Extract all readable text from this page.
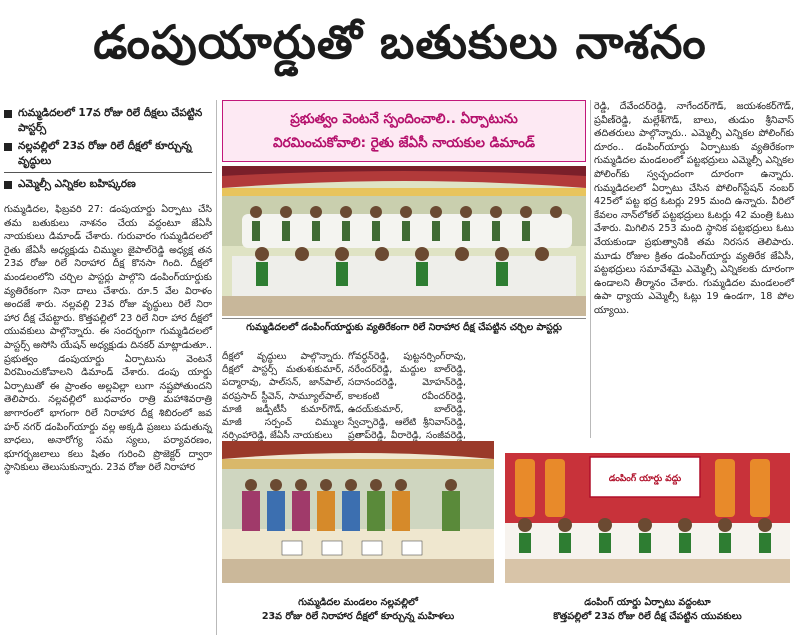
డంపుయార్డుతో బతుకులు నాశనం
గుమ్మడిదలలో 17వ రోజు రిలే దీక్షలు చేపట్టిన పాస్టర్స్
నల్లవల్లిలో 23వ రోజు రిలే దీక్షలో కూర్చున్న వృద్ధులు
ఎమ్మెల్సీ ఎన్నికల బహిష్కరణ
గుమ్మడిదల, ఫిబ్రవరి 27: డంపుయార్డు ఏర్పాటు చేసి తమ బతుకులు నాశనం చేయ వద్దంటూ జేఏసీ నాయకులు డిమాండ్ చేశారు. గురువారం గుమ్మడిదలలో రైతు జేఏసీ అధ్యక్షుడు చిమ్ముల జైపాల్‌రెడ్డి అధ్యక్ష తన 23వ రోజు రిలే నిరాహార దీక్ష కొనసా గింది. దీక్షలో మండలంలోని చర్చిల పాస్టర్లు పాల్గొని డంపింగ్‌యార్డుకు వ్యతిరేకంగా నినా దాలు చేశారు. రూ.5 వేల విరాళం అందజే శారు. నల్లవల్లి 23వ రోజు వృద్ధులు రిలే నిరా హార దీక్ష చేపట్టారు. కొత్తపల్లిలో 23 రిలే నిరా హార దీక్షలో యువకులు పాల్గొన్నారు. ఈ సందర్భంగా గుమ్మడిదలలో పాస్టర్స్ అసోసి యేషన్ అధ్యక్షుడు దినకర్ మాట్లాడుతూ.. ప్రభుత్వం డంపుయార్డు ఏర్పాటును వెంటనే విరమించుకోవాలని డిమాండ్ చేశారు. డంపు యార్డు ఏర్పాటుతో ఈ ప్రాంతం అల్లవిల్లా లుగా నష్టపోతుందని తెలిపారు. నల్లవల్లిలో బుధవారం రాత్రి మహాశివరాత్రి జాగారంలో భాగంగా రిలే నిరాహార దీక్ష శిబిరంలో జవ హర్ నగర్ డంపింగ్‌యార్డు వల్ల అక్కడి ప్రజలు పడుతున్న బాధలు, అనారోగ్య సమ స్యలు, పర్యావరణం, భూగర్భజలాలు కలు షితం గురించి ప్రొజెక్టర్ ద్వారా స్థానికులు తెలుసుకున్నారు. 23వ రోజు రిలే నిరాహార
ప్రభుత్వం వెంటనే స్పందించాలి.. ఏర్పాటును
విరమించుకోవాలి: రైతు జేఏసీ నాయకుల డిమాండ్
గుమ్మడిదలలో డంపింగ్‌యార్డుకు వ్యతిరేకంగా రిలే నిరాహార దీక్ష చేపట్టిన చర్చిల పాస్టర్లు
దీక్షలో వృద్ధులు పాల్గొన్నారు. దీక్షలో పాస్టర్స్ మతుశుకుమార్, పద్మారావు, పాల్‌సన్, జాన్‌పాల్, వరప్రసాద్ స్టీవెన్, సామ్యూల్‌పాల్, మాజీ జడ్పీటీసీ కుమార్‌గౌడ్, మాజీ సర్పంచ్ చిమ్ముల నర్సింహారెడ్డి, జేఏసీ నాయకులు
గోవర్ధన్‌రెడ్డి, పుట్టనర్సింగ్‌రావు, నరేందర్‌రెడ్డి, మద్దుల బాల్‌రెడ్డి, సదానందరెడ్డి, మోహన్‌రెడ్డి, కాలకంటి రవీందర్‌రెడ్డి, ఉదయ్‌కుమార్, బాల్‌రెడ్డి, స్వేచ్ఛారెడ్డి, ఆలేటి శ్రీనివాస్‌రెడ్డి, ప్రతాప్‌రెడ్డి, వీరారెడ్డి, సంజీవరెడ్డి,
రెడ్డి, దేవేందర్‌రెడ్డి, నాగేందర్‌గౌడ్, జయశంకర్‌గౌడ్, ప్రవీణ్‌రెడ్డి, మల్లేశ్‌గౌడ్, బాలు, తుడుం శ్రీనివాస్ తదితరులు పాల్గొన్నారు.. ఎమ్మెల్సీ ఎన్నికల పోలింగ్‌కు దూరం.. డంపింగ్‌యార్డు ఏర్పాటుకు వ్యతిరేకంగా గుమ్మడిదల మండలంలో పట్టభద్రులు ఎమ్మెల్సీ ఎన్నికల పోలింగ్‌కు స్వచ్ఛందంగా దూరంగా ఉన్నారు. గుమ్మడిదలలో ఏర్పాటు చేసిన పోలింగ్‌స్టేషన్ నంబర్ 425లో పట్ట భద్ర ఓటర్లు 295 మంది ఉన్నారు. వీరిలో కేవలం నాన్‌లోకల్ పట్టభద్రులు ఓటర్లు 42 మంత్రి ఓటు వేశారు. మిగిలిన 253 మంది స్థానిక పట్టభద్రులు ఓటు వేయకుండా ప్రభుత్వానికి తమ నిరసన తెలిపారు. మూడు రోజుల క్రితం డంపింగ్‌యార్డు వ్యతిరేక జేఏసీ, పట్టభద్రులు సమావేశమై ఎమ్మెల్సీ ఎన్నికలకు దూరంగా ఉండాలని తీర్మానం చేశారు. గుమ్మడిదల మండలంలో ఉపా ధ్యాయ ఎమ్మెల్సీ ఓట్లు 19 ఉండగా, 18 పోల య్యాయి.
గుమ్మడిదల మండలం నల్లవల్లిలో
23వ రోజు రిలే నిరాహార దీక్షలో కూర్చున్న మహిళలు
డంపింగ్ యార్డు వద్దు
డంపింగ్ యార్డు ఏర్పాటు వద్దంటూ
కొత్తపల్లిలో 23వ రోజు రిలే దీక్ష చేపట్టిన యువకులు
